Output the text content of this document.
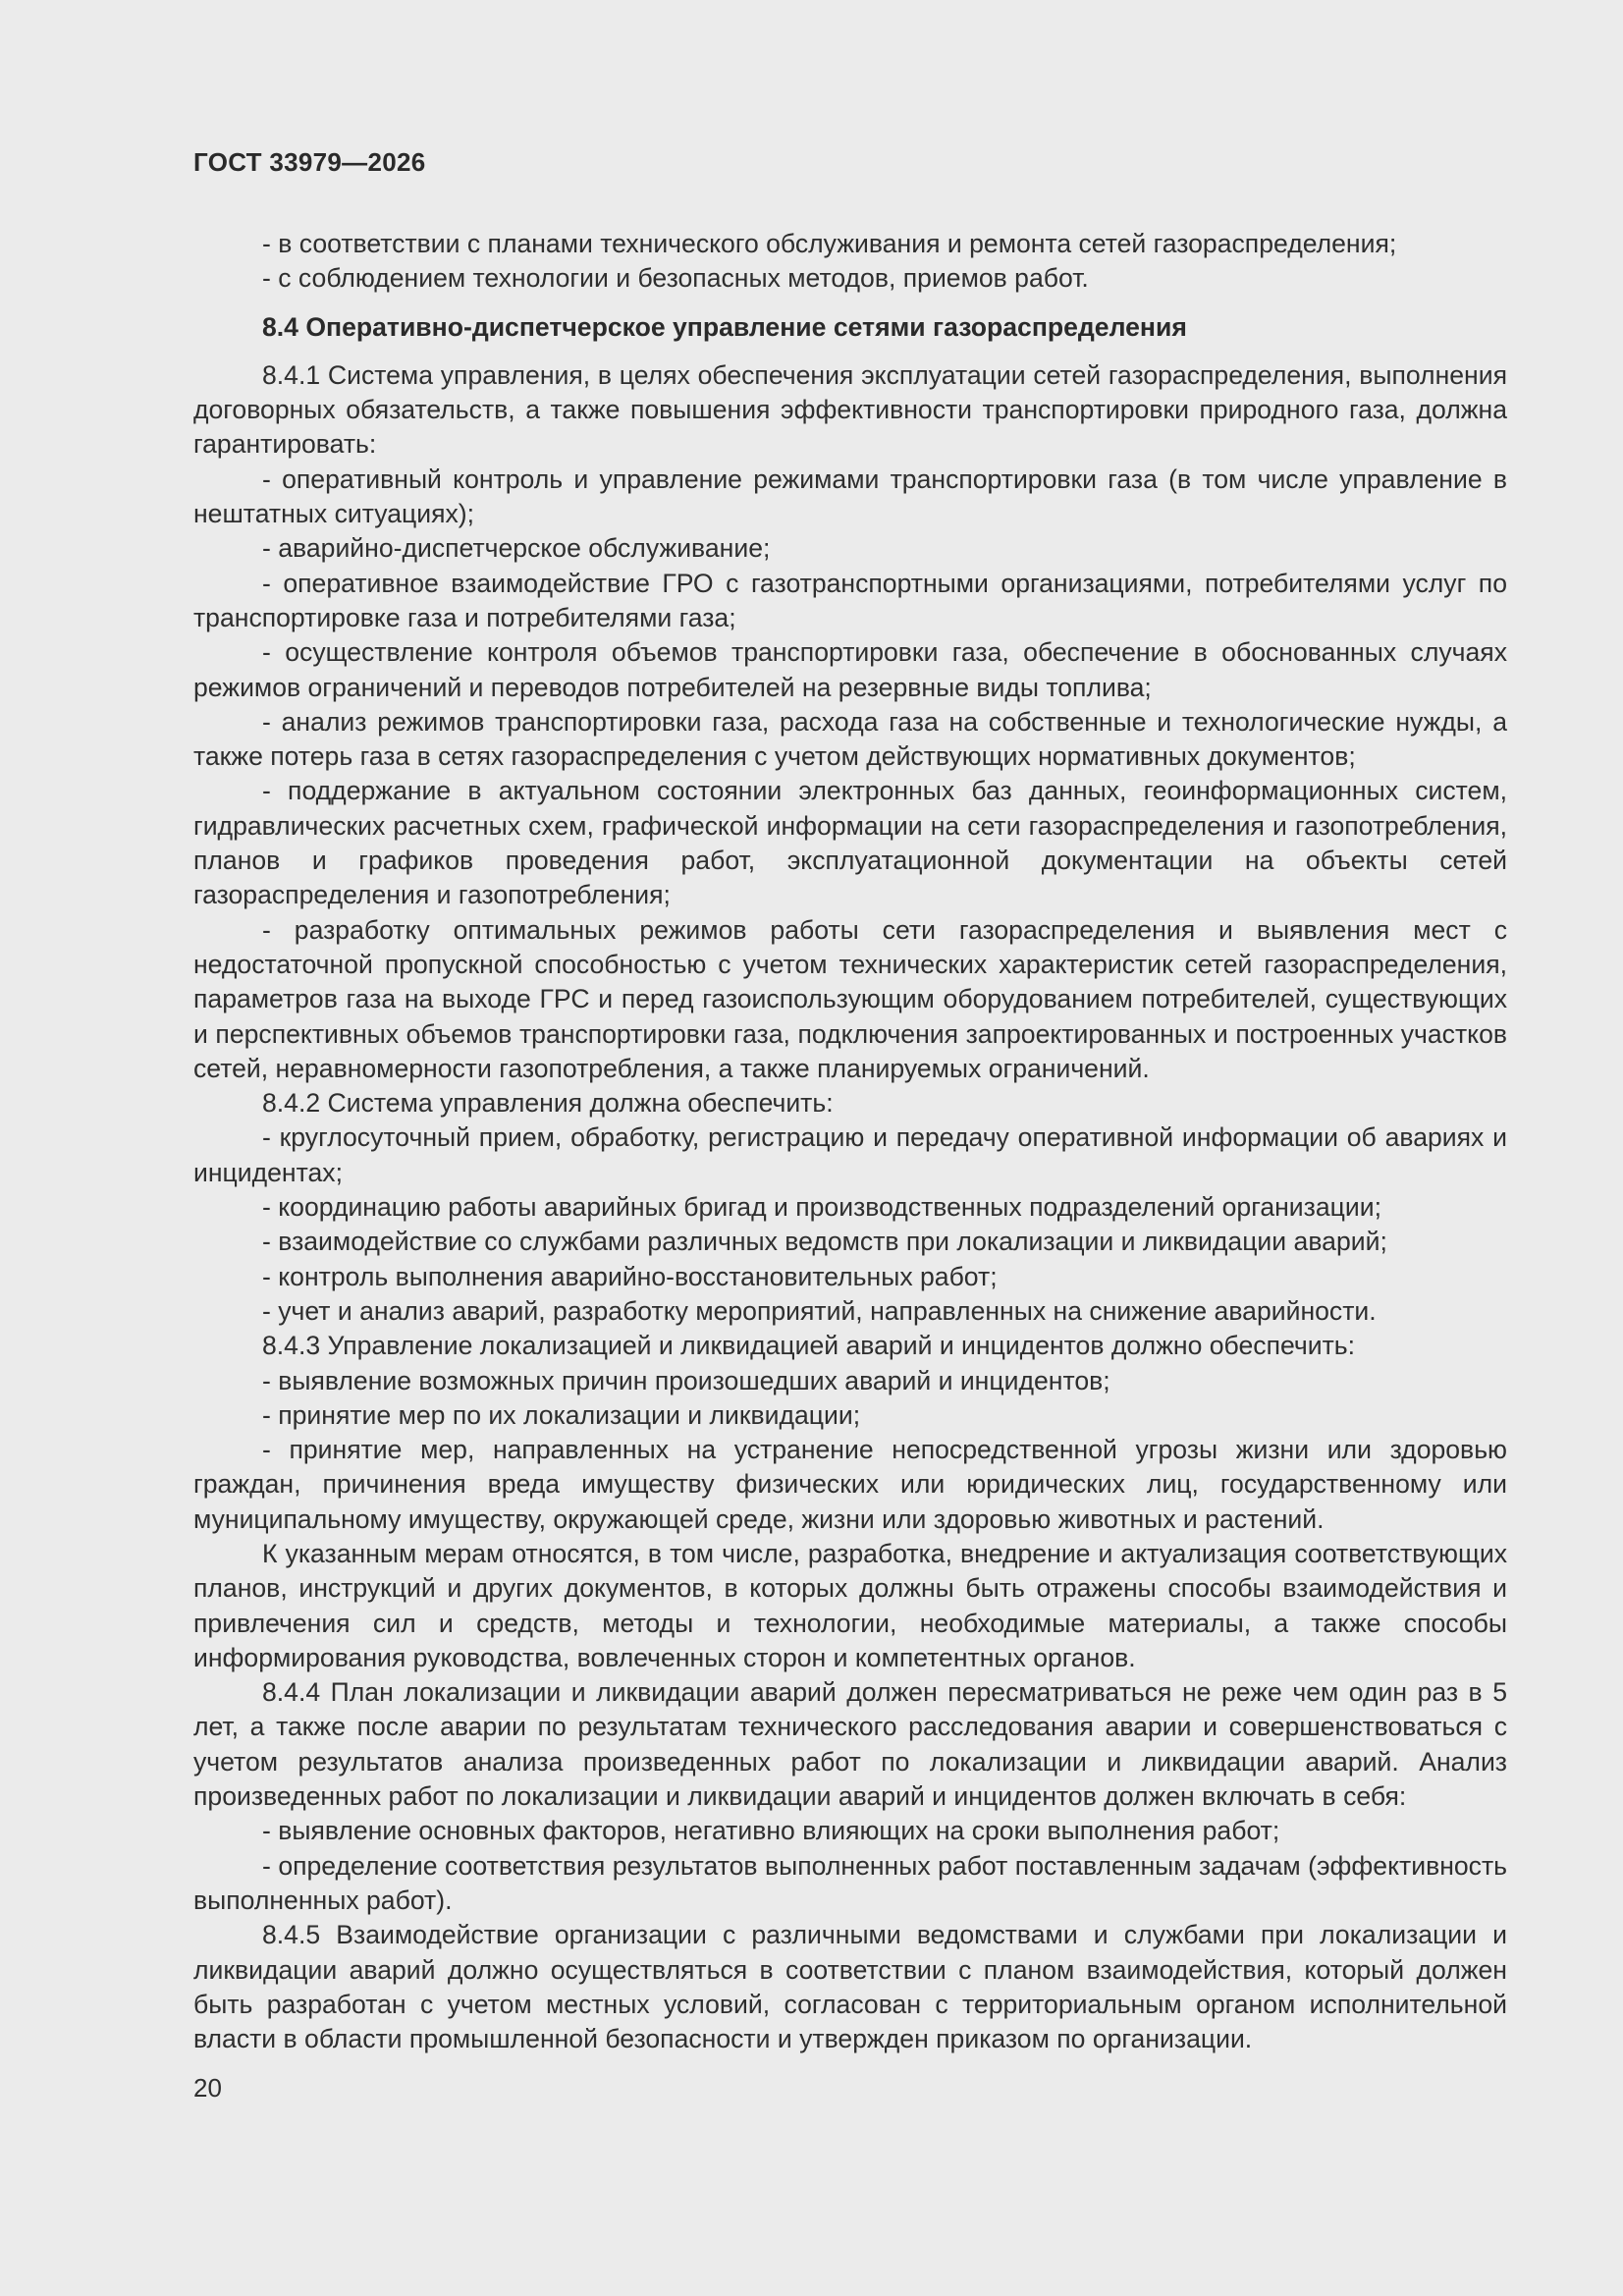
ГОСТ 33979—2026

- в соответствии с планами технического обслуживания и ремонта сетей газораспределения;

- с соблюдением технологии и безопасных методов, приемов работ.

8.4 Оперативно-диспетчерское управление сетями газораспределения

8.4.1 Система управления, в целях обеспечения эксплуатации сетей газораспределения, выполнения договорных обязательств, а также повышения эффективности транспортировки природного газа, должна гарантировать:

- оперативный контроль и управление режимами транспортировки газа (в том числе управление в нештатных ситуациях);

- аварийно-диспетчерское обслуживание;

- оперативное взаимодействие ГРО с газотранспортными организациями, потребителями услуг по транспортировке газа и потребителями газа;

- осуществление контроля объемов транспортировки газа, обеспечение в обоснованных случаях режимов ограничений и переводов потребителей на резервные виды топлива;

- анализ режимов транспортировки газа, расхода газа на собственные и технологические нужды, а также потерь газа в сетях газораспределения с учетом действующих нормативных документов;

- поддержание в актуальном состоянии электронных баз данных, геоинформационных систем, гидравлических расчетных схем, графической информации на сети газораспределения и газопотребления, планов и графиков проведения работ, эксплуатационной документации на объекты сетей газораспределения и газопотребления;

- разработку оптимальных режимов работы сети газораспределения и выявления мест с недостаточной пропускной способностью с учетом технических характеристик сетей газораспределения, параметров газа на выходе ГРС и перед газоиспользующим оборудованием потребителей, существующих и перспективных объемов транспортировки газа, подключения запроектированных и построенных участков сетей, неравномерности газопотребления, а также планируемых ограничений.

8.4.2 Система управления должна обеспечить:

- круглосуточный прием, обработку, регистрацию и передачу оперативной информации об авариях и инцидентах;

- координацию работы аварийных бригад и производственных подразделений организации;

- взаимодействие со службами различных ведомств при локализации и ликвидации аварий;

- контроль выполнения аварийно-восстановительных работ;

- учет и анализ аварий, разработку мероприятий, направленных на снижение аварийности.

8.4.3 Управление локализацией и ликвидацией аварий и инцидентов должно обеспечить:

- выявление возможных причин произошедших аварий и инцидентов;

- принятие мер по их локализации и ликвидации;

- принятие мер, направленных на устранение непосредственной угрозы жизни или здоровью граждан, причинения вреда имуществу физических или юридических лиц, государственному или муниципальному имуществу, окружающей среде, жизни или здоровью животных и растений.

К указанным мерам относятся, в том числе, разработка, внедрение и актуализация соответствующих планов, инструкций и других документов, в которых должны быть отражены способы взаимодействия и привлечения сил и средств, методы и технологии, необходимые материалы, а также способы информирования руководства, вовлеченных сторон и компетентных органов.

8.4.4 План локализации и ликвидации аварий должен пересматриваться не реже чем один раз в 5 лет, а также после аварии по результатам технического расследования аварии и совершенствоваться с учетом результатов анализа произведенных работ по локализации и ликвидации аварий. Анализ произведенных работ по локализации и ликвидации аварий и инцидентов должен включать в себя:

- выявление основных факторов, негативно влияющих на сроки выполнения работ;

- определение соответствия результатов выполненных работ поставленным задачам (эффективность выполненных работ).

8.4.5 Взаимодействие организации с различными ведомствами и службами при локализации и ликвидации аварий должно осуществляться в соответствии с планом взаимодействия, который должен быть разработан с учетом местных условий, согласован с территориальным органом исполнительной власти в области промышленной безопасности и утвержден приказом по организации.

20
